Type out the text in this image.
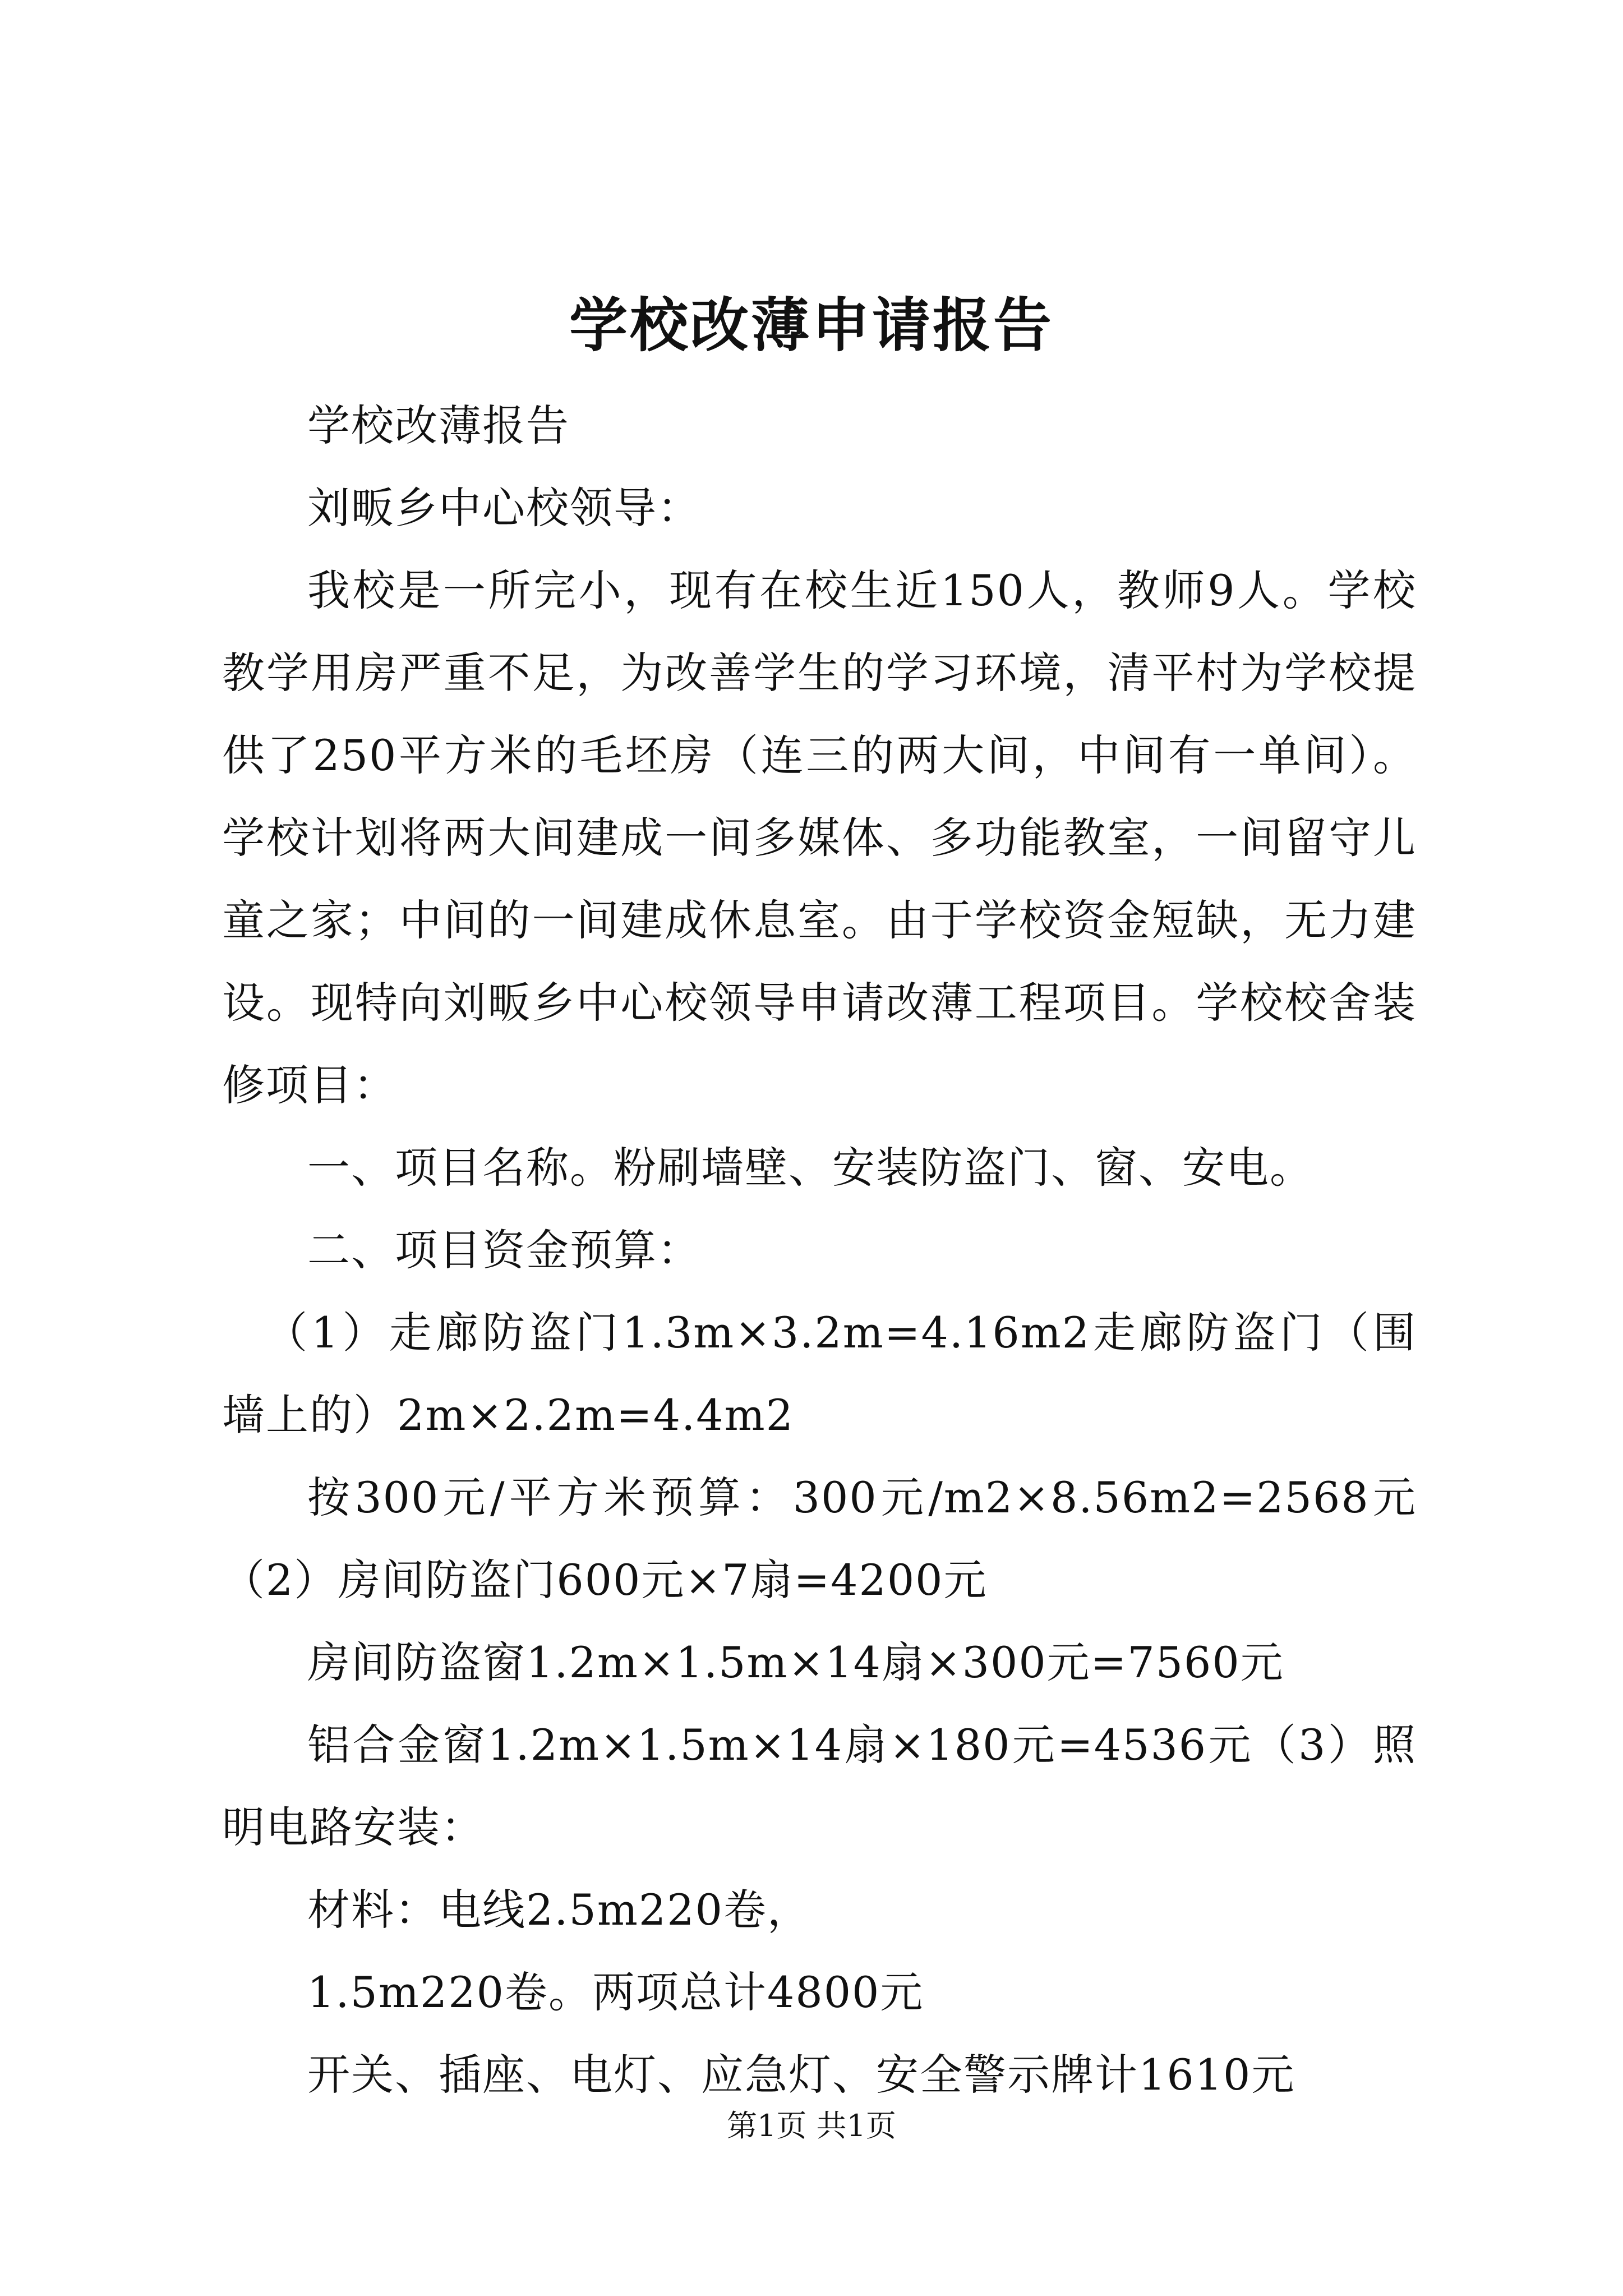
学校改薄申请报告

学校改薄报告

刘畈乡中心校领导：

我校是一所完小，现有在校生近150人，教师9人。学校教学用房严重不足，为改善学生的学习环境，清平村为学校提供了250平方米的毛坯房（连三的两大间，中间有一单间）。学校计划将两大间建成一间多媒体、多功能教室，一间留守儿童之家；中间的一间建成休息室。由于学校资金短缺，无力建设。现特向刘畈乡中心校领导申请改薄工程项目。学校校舍装修项目：

一、项目名称。粉刷墙壁、安装防盗门、窗、安电。

二、项目资金预算：

（1）走廊防盗门1.3m×3.2m=4.16m2走廊防盗门（围墙上的）2m×2.2m=4.4m2

按300元/平方米预算：300元/m2×8.56m2=2568元（2）房间防盗门600元×7扇=4200元

房间防盗窗1.2m×1.5m×14扇×300元=7560元

铝合金窗1.2m×1.5m×14扇×180元=4536元（3）照明电路安装：

材料：电线2.5m220卷，

1.5m220卷。两项总计4800元

开关、插座、电灯、应急灯、安全警示牌计1610元

第1页 共1页
